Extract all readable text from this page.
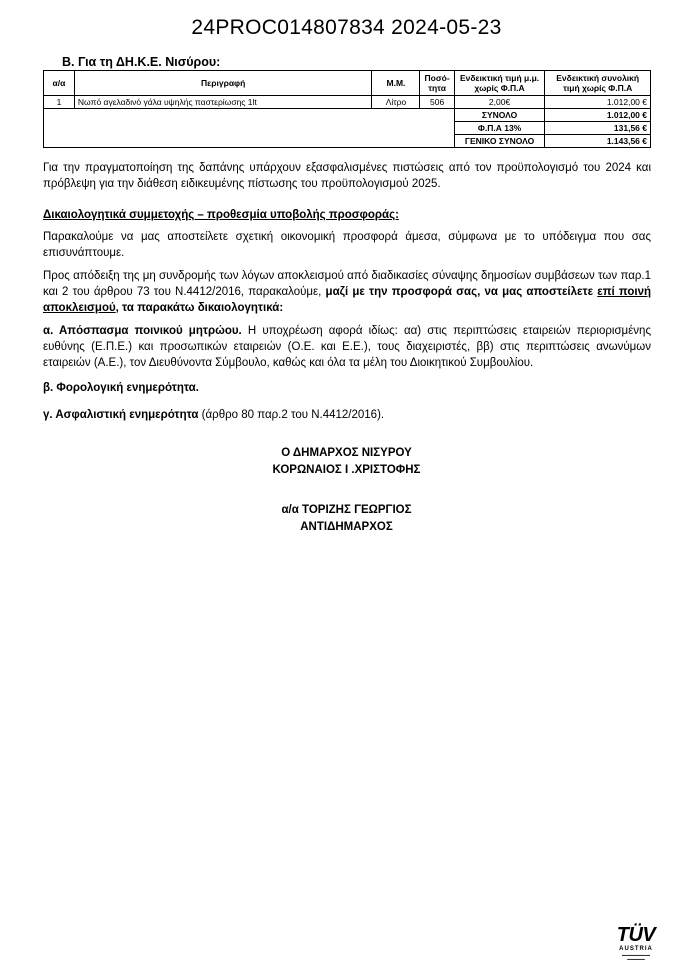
24PROC014807834 2024-05-23
Β. Για τη ΔΗ.Κ.Ε. Νισύρου:
α/α	Περιγραφή	Μ.Μ.	Ποσό-τητα	Ενδεικτική τιμή μ.μ. χωρίς Φ.Π.Α	Ενδεικτική συνολική τιμή χωρίς Φ.Π.Α
1	Νωπό αγελαδινό γάλα υψηλής παστερίωσης 1lt	Λίτρο	506	2,00€	1.012,00 €
				ΣΥΝΟΛΟ	1.012,00 €
				Φ.Π.Α 13%	131,56 €
				ΓΕΝΙΚΟ ΣΥΝΟΛΟ	1.143,56 €
Για την πραγματοποίηση της δαπάνης υπάρχουν εξασφαλισμένες πιστώσεις από τον προϋπολογισμό του 2024 και πρόβλεψη για την διάθεση ειδικευμένης πίστωσης του προϋπολογισμού 2025.
Δικαιολογητικά συμμετοχής – προθεσμία υποβολής προσφοράς:
Παρακαλούμε να μας αποστείλετε σχετική οικονομική προσφορά άμεσα, σύμφωνα με το υπόδειγμα που σας επισυνάπτουμε.
Προς απόδειξη της μη συνδρομής των λόγων αποκλεισμού από διαδικασίες σύναψης δημοσίων συμβάσεων των παρ.1 και 2 του άρθρου 73 του Ν.4412/2016, παρακαλούμε, μαζί με την προσφορά σας, να μας αποστείλετε επί ποινή αποκλεισμού, τα παρακάτω δικαιολογητικά:
α. Απόσπασμα ποινικού μητρώου. Η υποχρέωση αφορά ιδίως: αα) στις περιπτώσεις εταιρειών περιορισμένης ευθύνης (Ε.Π.Ε.) και προσωπικών εταιρειών (Ο.Ε. και Ε.Ε.), τους διαχειριστές, ββ) στις περιπτώσεις ανωνύμων εταιρειών (Α.Ε.), τον Διευθύνοντα Σύμβουλο, καθώς και όλα τα μέλη του Διοικητικού Συμβουλίου.
β. Φορολογική ενημερότητα.
γ. Ασφαλιστική ενημερότητα (άρθρο 80 παρ.2 του Ν.4412/2016).
Ο ΔΗΜΑΡΧΟΣ ΝΙΣΥΡΟΥ
ΚΟΡΩΝΑΙΟΣ Ι .ΧΡΙΣΤΟΦΗΣ
α/α ΤΟΡΙΖΗΣ ΓΕΩΡΓΙΟΣ
ΑΝΤΙΔΗΜΑΡΧΟΣ
TÜV
AUSTRIA
▬▬▬▬▬▬▬▬
▬▬▬▬▬
